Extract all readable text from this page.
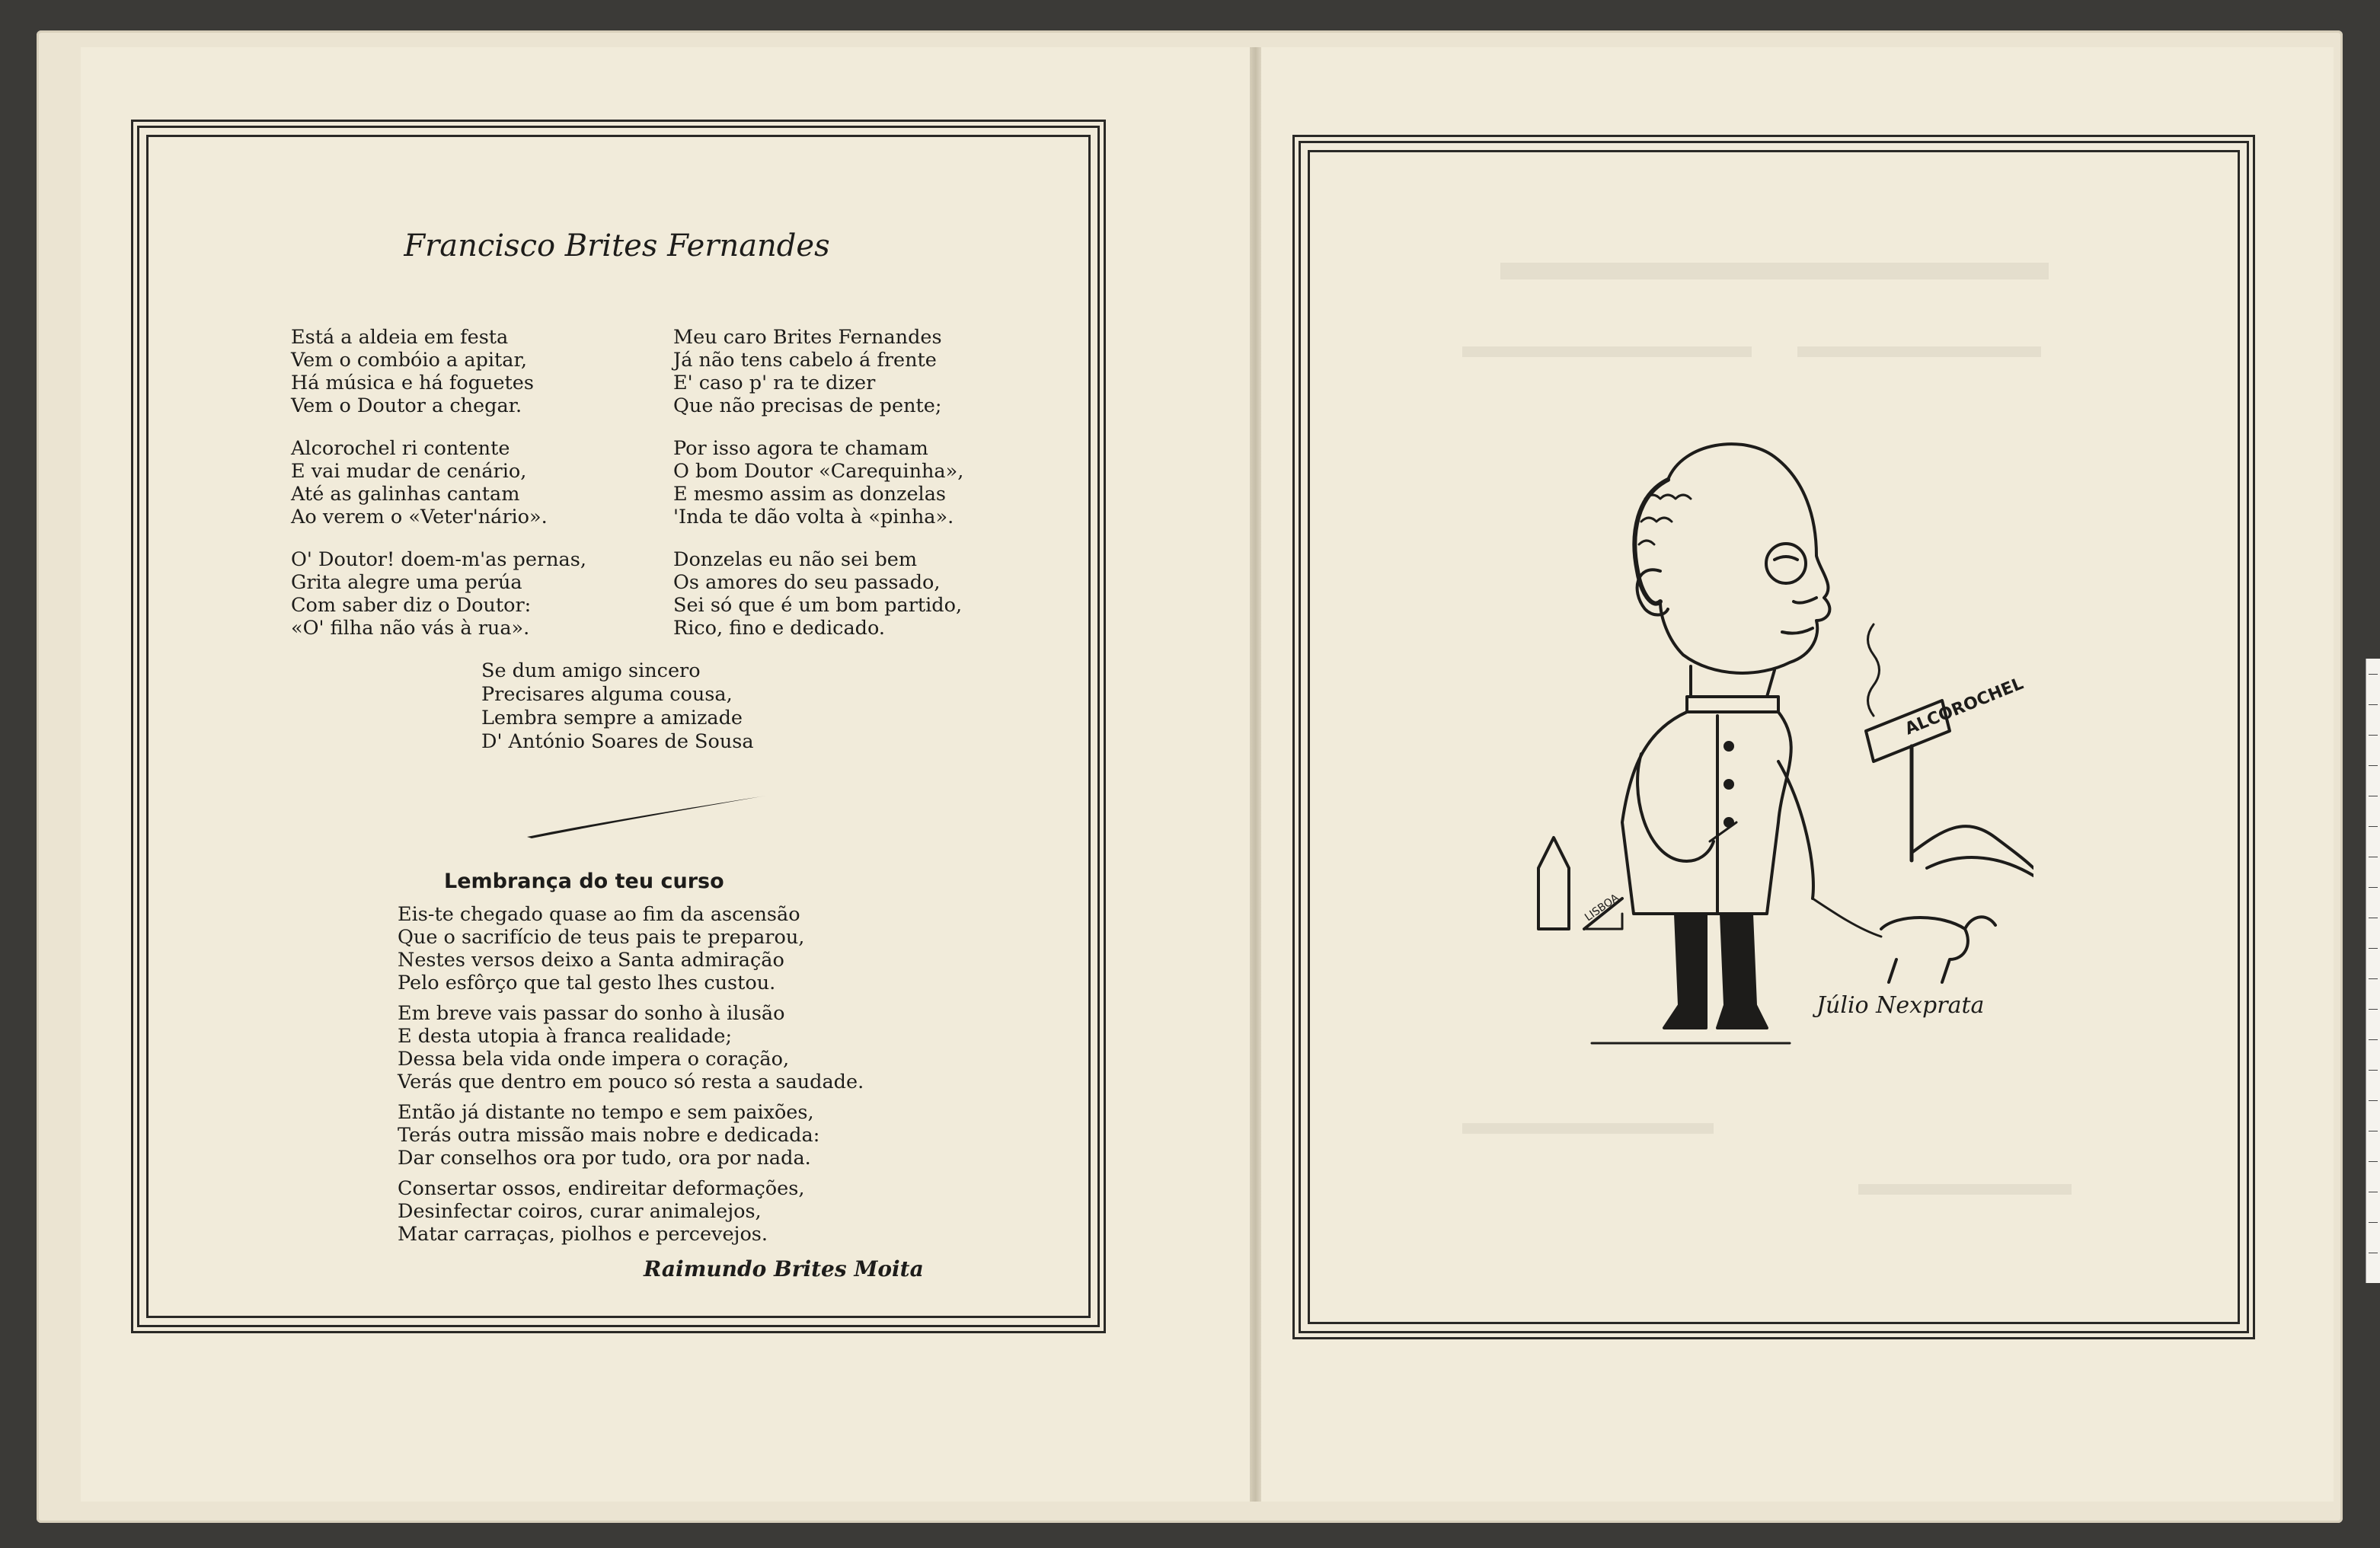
Francisco Brites Fernandes
Está a aldeia em festa
Vem o combóio a apitar,
Há música e há foguetes
Vem o Doutor a chegar.
Alcorochel ri contente
E vai mudar de cenário,
Até as galinhas cantam
Ao verem o «Veter'nário».
O' Doutor! doem-m'as pernas,
Grita alegre uma perúa
Com saber diz o Doutor:
«O' filha não vás à rua».
Meu caro Brites Fernandes
Já não tens cabelo á frente
E' caso p' ra te dizer
Que não precisas de pente;
Por isso agora te chamam
O bom Doutor «Carequinha»,
E mesmo assim as donzelas
'Inda te dão volta à «pinha».
Donzelas eu não sei bem
Os amores do seu passado,
Sei só que é um bom partido,
Rico, fino e dedicado.
Se dum amigo sincero
Precisares alguma cousa,
Lembra sempre a amizade
D' António Soares de Sousa
Lembrança do teu curso
Eis-te chegado quase ao fim da ascensão
Que o sacrifício de teus pais te preparou,
Nestes versos deixo a Santa admiração
Pelo esfôrço que tal gesto lhes custou.
Em breve vais passar do sonho à ilusão
E desta utopia à franca realidade;
Dessa bela vida onde impera o coração,
Verás que dentro em pouco só resta a saudade.
Então já distante no tempo e sem paixões,
Terás outra missão mais nobre e dedicada:
Dar conselhos ora por tudo, ora por nada.
Consertar ossos, endireitar deformações,
Desinfectar coiros, curar animalejos,
Matar carraças, piolhos e percevejos.
Raimundo Brites Moita
ALCOROCHEL
LISBOA
Júlio Nexprata
